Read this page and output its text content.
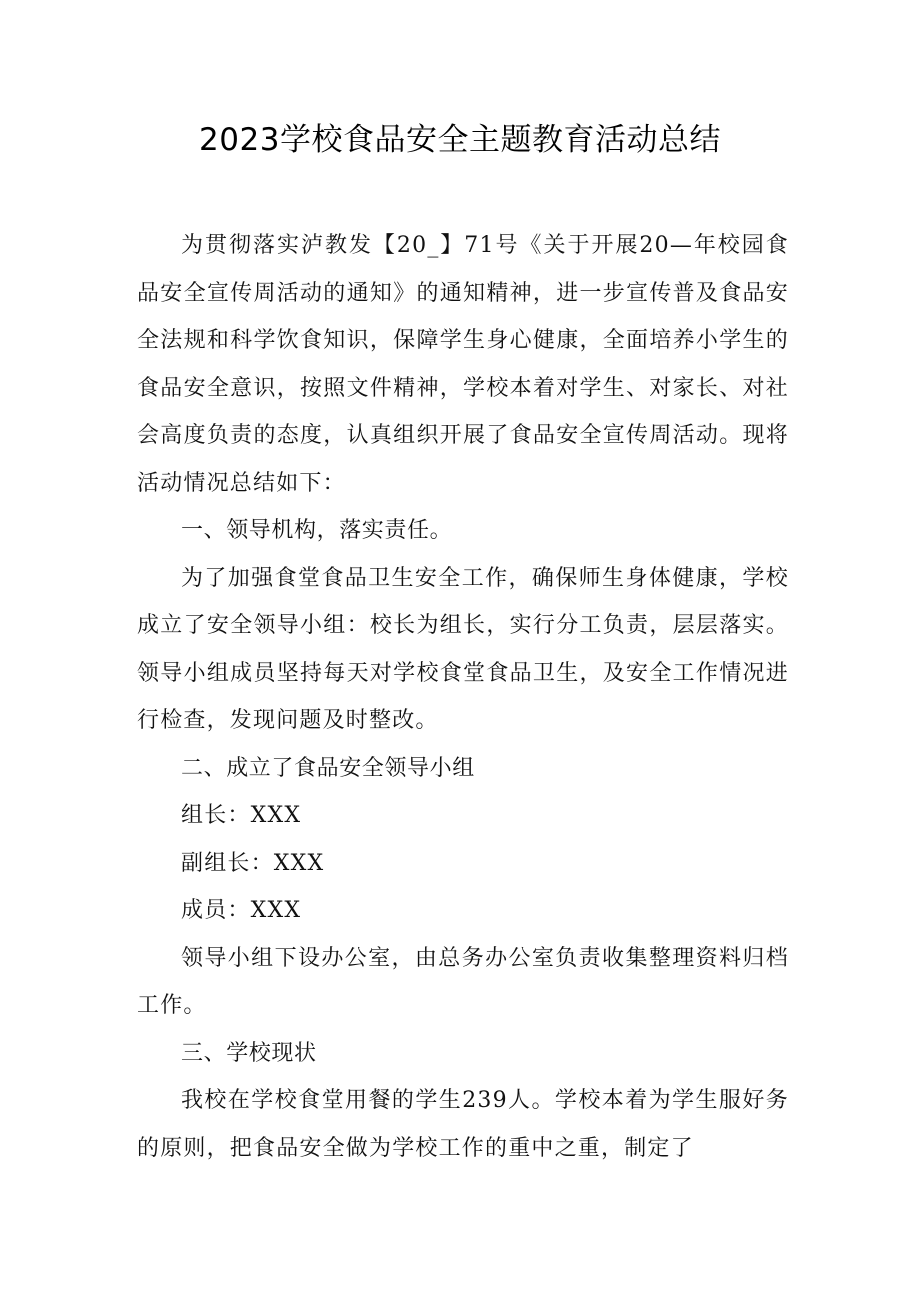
2023学校食品安全主题教育活动总结

为贯彻落实泸教发【20_】71号《关于开展20—年校园食品安全宣传周活动的通知》的通知精神，进一步宣传普及食品安全法规和科学饮食知识，保障学生身心健康，全面培养小学生的食品安全意识，按照文件精神，学校本着对学生、对家长、对社会高度负责的态度，认真组织开展了食品安全宣传周活动。现将活动情况总结如下：

一、领导机构，落实责任。

为了加强食堂食品卫生安全工作，确保师生身体健康，学校成立了安全领导小组：校长为组长，实行分工负责，层层落实。领导小组成员坚持每天对学校食堂食品卫生，及安全工作情况进行检查，发现问题及时整改。

二、成立了食品安全领导小组

组长：XXX

副组长：XXX

成员：XXX

领导小组下设办公室，由总务办公室负责收集整理资料归档工作。

三、学校现状

我校在学校食堂用餐的学生239人。学校本着为学生服好务的原则，把食品安全做为学校工作的重中之重，制定了
